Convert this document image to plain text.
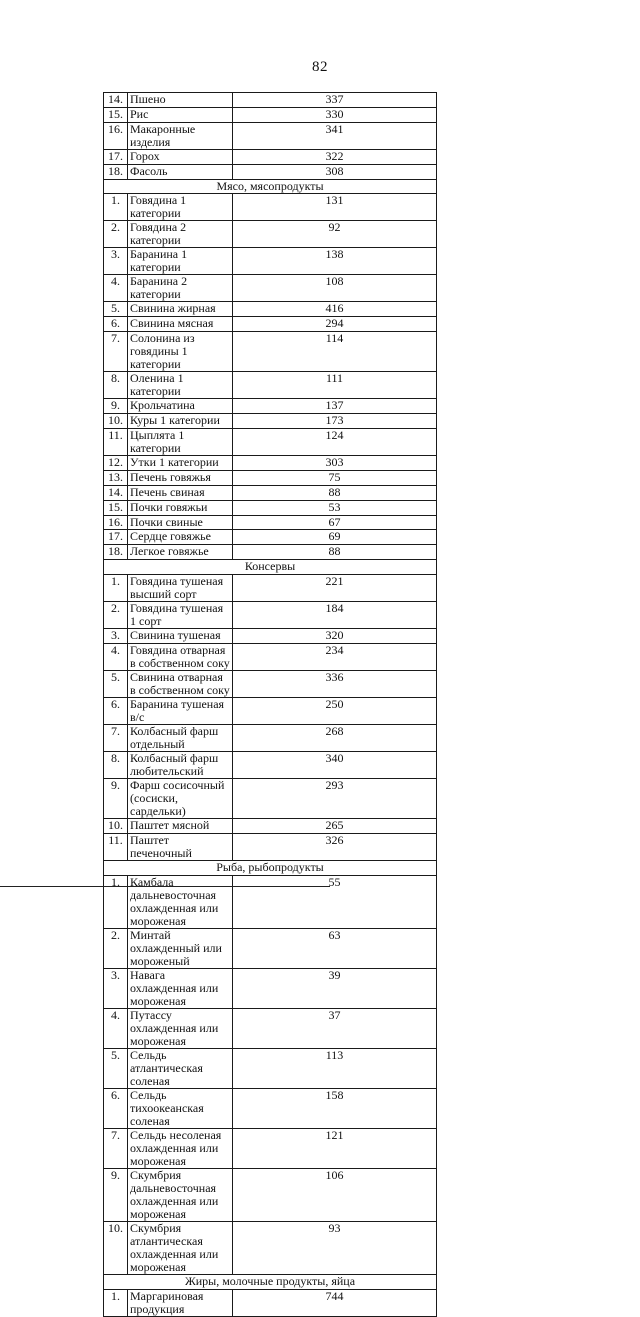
82
14.	Пшено	337
15.	Рис	330
16.	Макаронные изделия	341
17.	Горох	322
18.	Фасоль	308
Мясо, мясопродукты		
1.	Говядина 1 категории	131
2.	Говядина 2 категории	92
3.	Баранина 1 категории	138
4.	Баранина 2 категории	108
5.	Свинина жирная	416
6.	Свинина мясная	294
7.	Солонина из говядины 1 категории	114
8.	Оленина 1 категории	111
9.	Крольчатина	137
10.	Куры 1 категории	173
11.	Цыплята 1 категории	124
12.	Утки 1 категории	303
13.	Печень говяжья	75
14.	Печень свиная	88
15.	Почки говяжьи	53
16.	Почки свиные	67
17.	Сердце говяжье	69
18.	Легкое говяжье	88
Консервы		
1.	Говядина тушеная высший сорт	221
2.	Говядина тушеная 1 сорт	184
3.	Свинина тушеная	320
4.	Говядина отварная в собственном соку	234
5.	Свинина отварная в собственном соку	336
6.	Баранина тушеная в/с	250
7.	Колбасный фарш отдельный	268
8.	Колбасный фарш любительский	340
9.	Фарш сосисочный (сосиски, сардельки)	293
10.	Паштет мясной	265
11.	Паштет печеночный	326
Рыба, рыбопродукты		
1.	Камбала дальневосточная охлажденная или мороженая	55
2.	Минтай охлажденный или мороженый	63
3.	Навага охлажденная или мороженая	39
4.	Путассу охлажденная или мороженая	37
5.	Сельдь атлантическая соленая	113
6.	Сельдь тихоокеанская соленая	158
7.	Сельдь несоленая охлажденная или мороженая	121
9.	Скумбрия дальневосточная охлажденная или мороженая	106
10.	Скумбрия атлантическая охлажденная или мороженая	93
Жиры, молочные продукты, яйца		
1.	Маргариновая продукция	744
